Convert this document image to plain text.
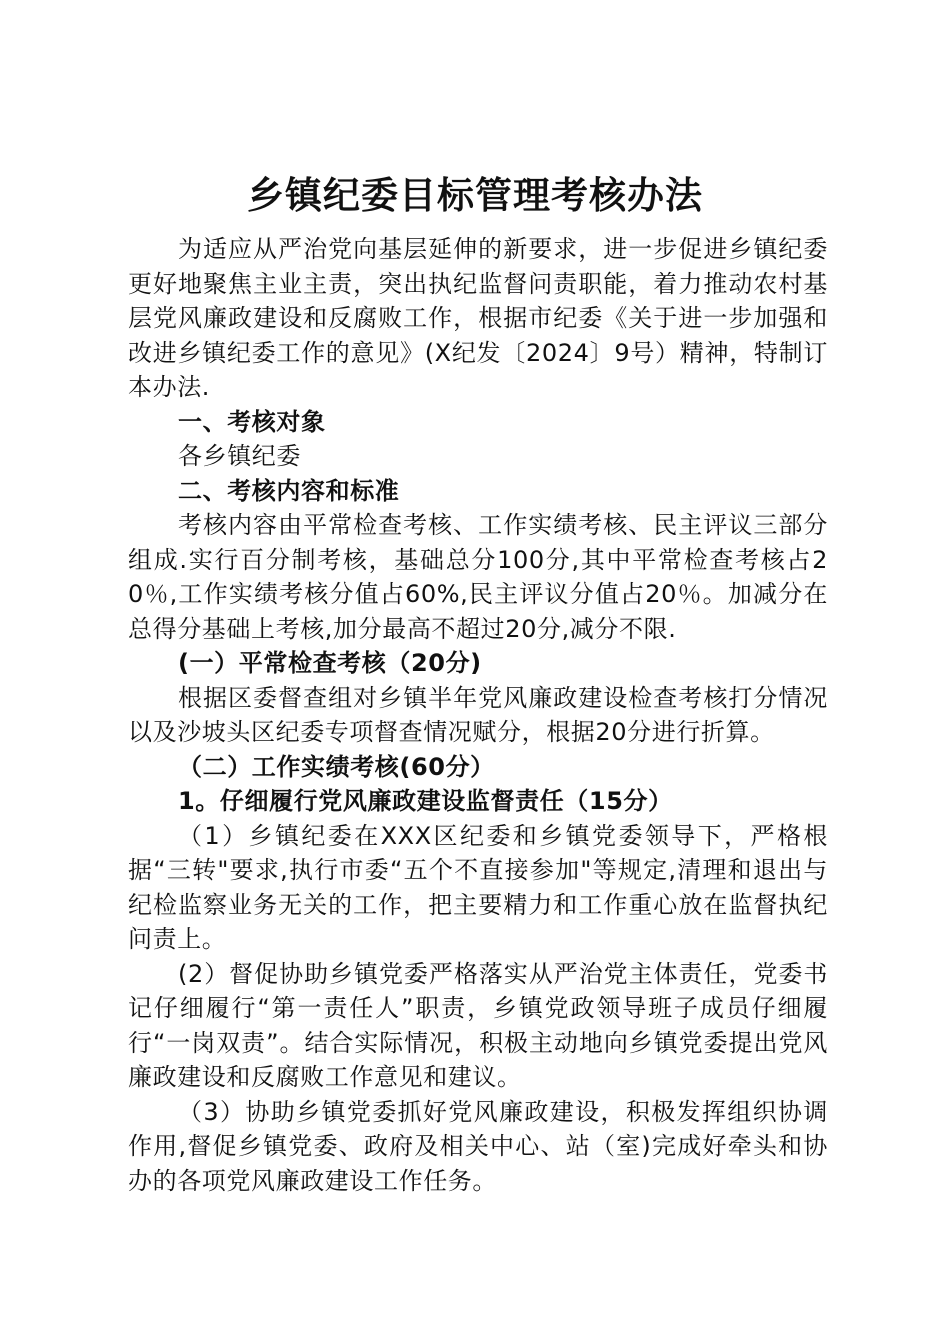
乡镇纪委目标管理考核办法

为适应从严治党向基层延伸的新要求，进一步促进乡镇纪委更好地聚焦主业主责，突出执纪监督问责职能，着力推动农村基层党风廉政建设和反腐败工作，根据市纪委《关于进一步加强和改进乡镇纪委工作的意见》(X纪发〔2024〕9号）精神，特制订本办法.

一、考核对象

各乡镇纪委

二、考核内容和标准

考核内容由平常检查考核、工作实绩考核、民主评议三部分组成.实行百分制考核，基础总分100分,其中平常检查考核占20％,工作实绩考核分值占60%,民主评议分值占20％。加减分在总得分基础上考核,加分最高不超过20分,减分不限.

(一）平常检查考核（20分)

根据区委督查组对乡镇半年党风廉政建设检查考核打分情况以及沙坡头区纪委专项督查情况赋分，根据20分进行折算。

（二）工作实绩考核(60分）

1。仔细履行党风廉政建设监督责任（15分）

（1）乡镇纪委在XXX区纪委和乡镇党委领导下，严格根据“三转"要求,执行市委“五个不直接参加"等规定,清理和退出与纪检监察业务无关的工作，把主要精力和工作重心放在监督执纪问责上。

(2）督促协助乡镇党委严格落实从严治党主体责任，党委书记仔细履行“第一责任人”职责，乡镇党政领导班子成员仔细履行“一岗双责”。结合实际情况，积极主动地向乡镇党委提出党风廉政建设和反腐败工作意见和建议。

（3）协助乡镇党委抓好党风廉政建设，积极发挥组织协调作用,督促乡镇党委、政府及相关中心、站（室)完成好牵头和协办的各项党风廉政建设工作任务。
